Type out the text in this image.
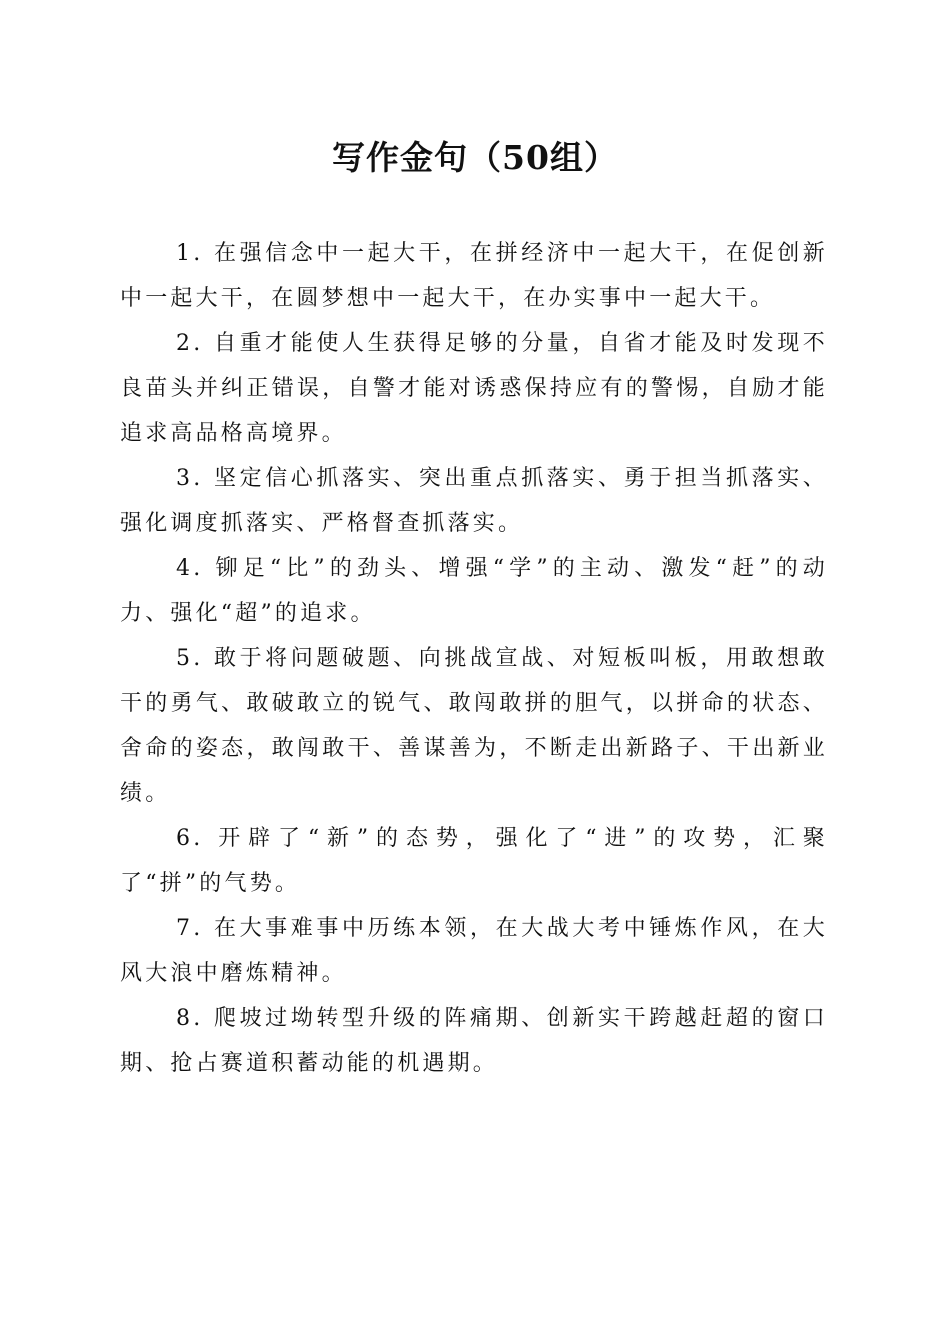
写作金句（50组）

1. 在强信念中一起大干，在拼经济中一起大干，在促创新中一起大干，在圆梦想中一起大干，在办实事中一起大干。

2. 自重才能使人生获得足够的分量，自省才能及时发现不良苗头并纠正错误，自警才能对诱惑保持应有的警惕，自励才能追求高品格高境界。

3. 坚定信心抓落实、突出重点抓落实、勇于担当抓落实、强化调度抓落实、严格督查抓落实。

4. 铆足“比”的劲头、增强“学”的主动、激发“赶”的动力、强化“超”的追求。

5. 敢于将问题破题、向挑战宣战、对短板叫板，用敢想敢干的勇气、敢破敢立的锐气、敢闯敢拼的胆气，以拼命的状态、舍命的姿态，敢闯敢干、善谋善为，不断走出新路子、干出新业绩。

6. 开辟了“新”的态势，强化了“进”的攻势，汇聚了“拼”的气势。

7. 在大事难事中历练本领，在大战大考中锤炼作风，在大风大浪中磨炼精神。

8. 爬坡过坳转型升级的阵痛期、创新实干跨越赶超的窗口期、抢占赛道积蓄动能的机遇期。
